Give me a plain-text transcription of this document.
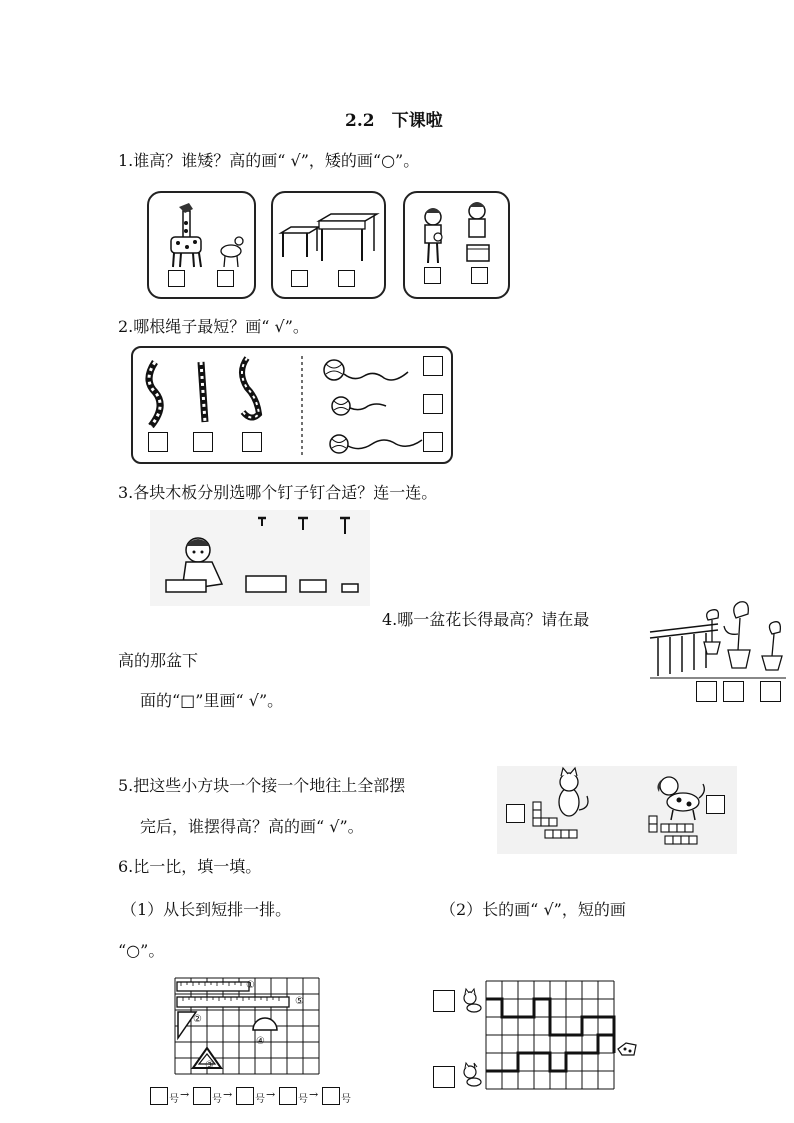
2.2　下课啦
1.谁高？谁矮？高的画“ √”，矮的画“○”。
2.哪根绳子最短？画“ √”。
3.各块木板分别选哪个钉子钉合适？连一连。
4.哪一盆花长得最高？请在最
高的那盆下
面的“□”里画“ √”。
5.把这些小方块一个接一个地往上全部摆
完后，谁摆得高？高的画“ √”。
6.比一比，填一填。
（1）从长到短排一排。	（2）长的画“ √”，短的画
“○”。
①
⑤
②
④
③
号 → 号 → 号 → 号 → 号
